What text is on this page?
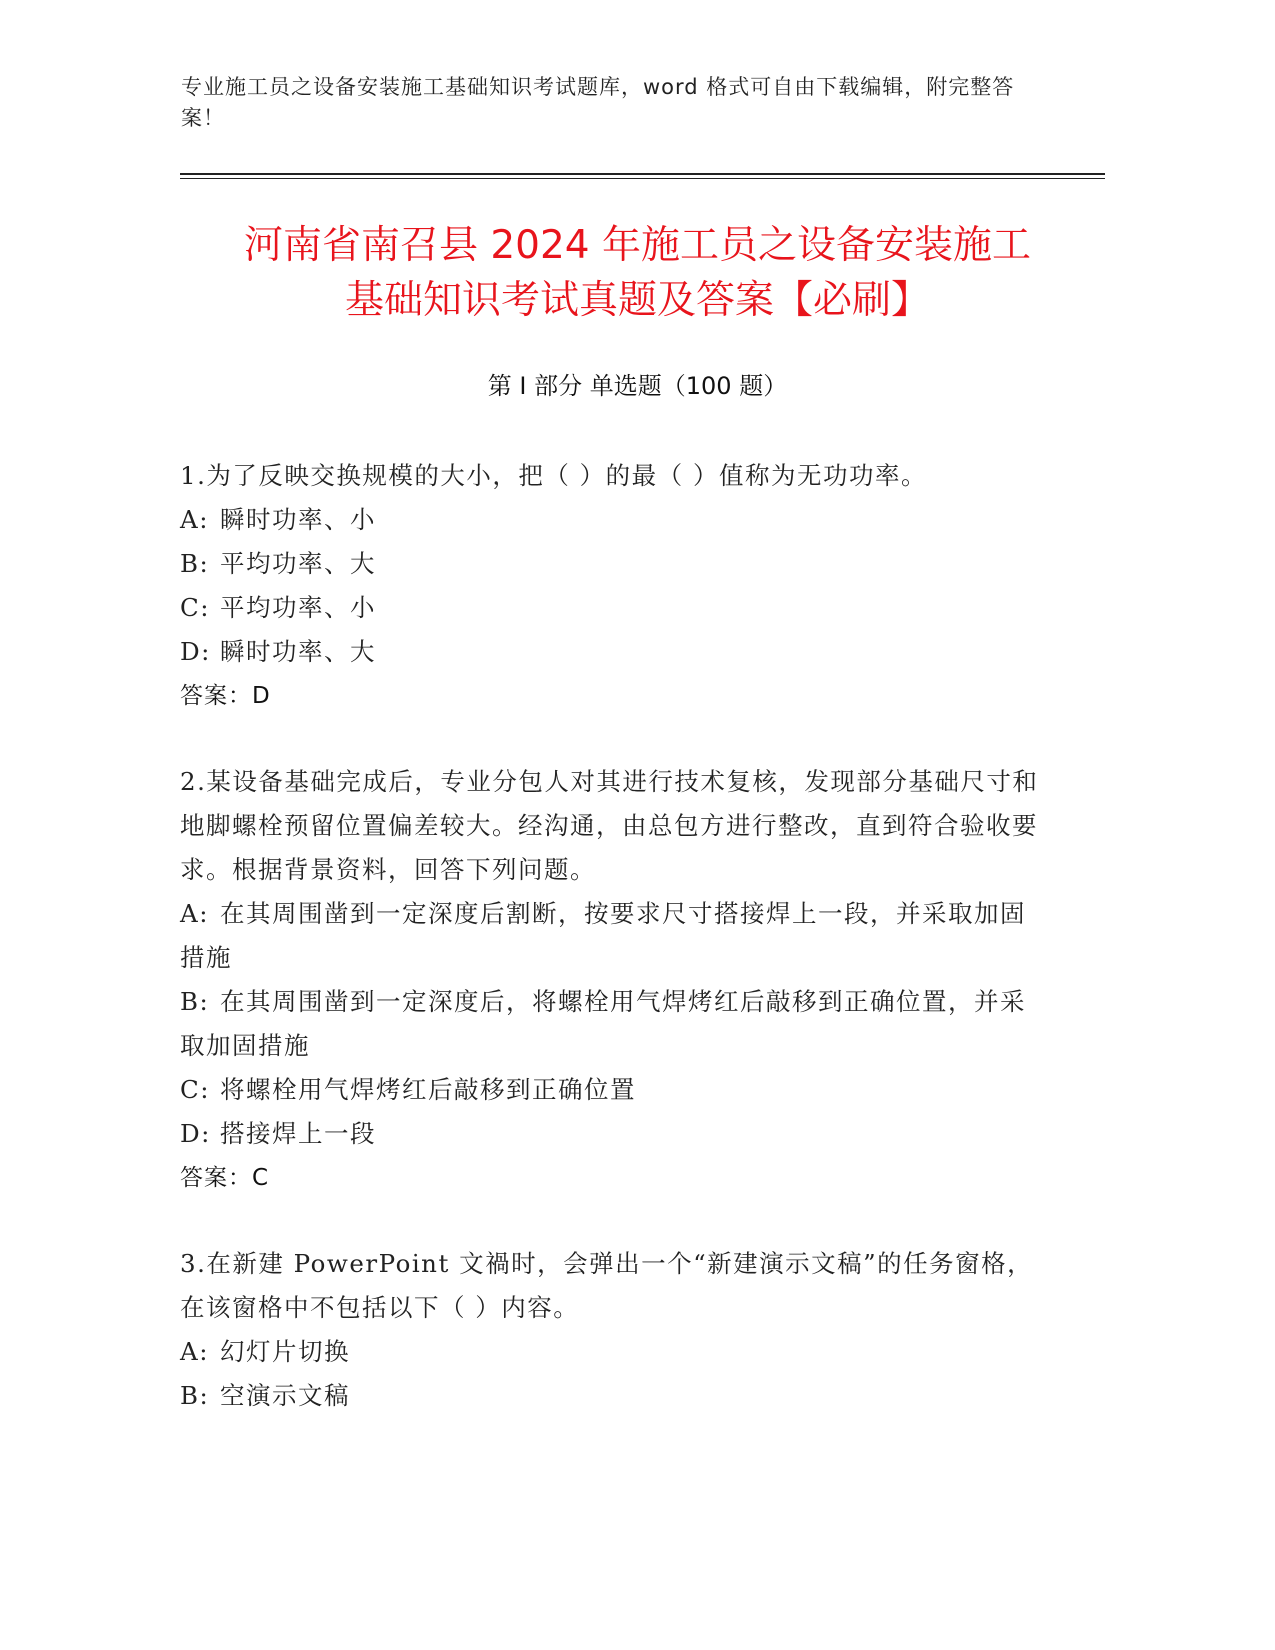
专业施工员之设备安装施工基础知识考试题库，word 格式可自由下载编辑，附完整答案！
河南省南召县 2024 年施工员之设备安装施工
基础知识考试真题及答案【必刷】
第 I 部分 单选题（100 题）
1.为了反映交换规模的大小，把（ ）的最（ ）值称为无功功率。
A: 瞬时功率、小
B: 平均功率、大
C: 平均功率、小
D: 瞬时功率、大
答案：D
2.某设备基础完成后，专业分包人对其进行技术复核，发现部分基础尺寸和地脚螺栓预留位置偏差较大。经沟通，由总包方进行整改，直到符合验收要求。根据背景资料，回答下列问题。
A: 在其周围凿到一定深度后割断，按要求尺寸搭接焊上一段，并采取加固措施
B: 在其周围凿到一定深度后，将螺栓用气焊烤红后敲移到正确位置，并采取加固措施
C: 将螺栓用气焊烤红后敲移到正确位置
D: 搭接焊上一段
答案：C
3.在新建 PowerPoint 文禍时，会弹出一个“新建演示文稿”的任务窗格，在该窗格中不包括以下（ ）内容。
A: 幻灯片切换
B: 空演示文稿
